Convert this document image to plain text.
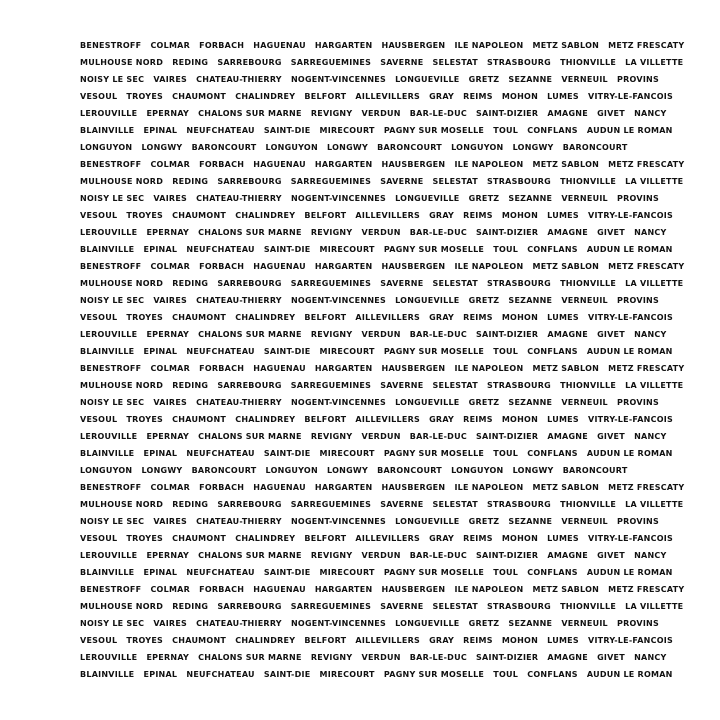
BENESTROFF   COLMAR   FORBACH   HAGUENAU   HARGARTEN   HAUSBERGEN   ILE NAPOLEON   METZ SABLON   METZ FRESCATY
MULHOUSE NORD   REDING   SARREBOURG   SARREGUEMINES   SAVERNE   SELESTAT   STRASBOURG   THIONVILLE   LA VILLETTE
NOISY LE SEC   VAIRES   CHATEAU-THIERRY   NOGENT-VINCENNES   LONGUEVILLE   GRETZ   SEZANNE   VERNEUIL   PROVINS
VESOUL   TROYES   CHAUMONT   CHALINDREY   BELFORT   AILLEVILLERS   GRAY   REIMS   MOHON   LUMES   VITRY-LE-FANCOIS
LEROUVILLE   EPERNAY   CHALONS SUR MARNE   REVIGNY   VERDUN   BAR-LE-DUC   SAINT-DIZIER   AMAGNE   GIVET   NANCY
BLAINVILLE   EPINAL   NEUFCHATEAU   SAINT-DIE   MIRECOURT   PAGNY SUR MOSELLE   TOUL   CONFLANS   AUDUN LE ROMAN
LONGUYON   LONGWY   BARONCOURT   LONGUYON   LONGWY   BARONCOURT   LONGUYON   LONGWY   BARONCOURT
BENESTROFF   COLMAR   FORBACH   HAGUENAU   HARGARTEN   HAUSBERGEN   ILE NAPOLEON   METZ SABLON   METZ FRESCATY
MULHOUSE NORD   REDING   SARREBOURG   SARREGUEMINES   SAVERNE   SELESTAT   STRASBOURG   THIONVILLE   LA VILLETTE
NOISY LE SEC   VAIRES   CHATEAU-THIERRY   NOGENT-VINCENNES   LONGUEVILLE   GRETZ   SEZANNE   VERNEUIL   PROVINS
VESOUL   TROYES   CHAUMONT   CHALINDREY   BELFORT   AILLEVILLERS   GRAY   REIMS   MOHON   LUMES   VITRY-LE-FANCOIS
LEROUVILLE   EPERNAY   CHALONS SUR MARNE   REVIGNY   VERDUN   BAR-LE-DUC   SAINT-DIZIER   AMAGNE   GIVET   NANCY
BLAINVILLE   EPINAL   NEUFCHATEAU   SAINT-DIE   MIRECOURT   PAGNY SUR MOSELLE   TOUL   CONFLANS   AUDUN LE ROMAN
BENESTROFF   COLMAR   FORBACH   HAGUENAU   HARGARTEN   HAUSBERGEN   ILE NAPOLEON   METZ SABLON   METZ FRESCATY
MULHOUSE NORD   REDING   SARREBOURG   SARREGUEMINES   SAVERNE   SELESTAT   STRASBOURG   THIONVILLE   LA VILLETTE
NOISY LE SEC   VAIRES   CHATEAU-THIERRY   NOGENT-VINCENNES   LONGUEVILLE   GRETZ   SEZANNE   VERNEUIL   PROVINS
VESOUL   TROYES   CHAUMONT   CHALINDREY   BELFORT   AILLEVILLERS   GRAY   REIMS   MOHON   LUMES   VITRY-LE-FANCOIS
LEROUVILLE   EPERNAY   CHALONS SUR MARNE   REVIGNY   VERDUN   BAR-LE-DUC   SAINT-DIZIER   AMAGNE   GIVET   NANCY
BLAINVILLE   EPINAL   NEUFCHATEAU   SAINT-DIE   MIRECOURT   PAGNY SUR MOSELLE   TOUL   CONFLANS   AUDUN LE ROMAN
BENESTROFF   COLMAR   FORBACH   HAGUENAU   HARGARTEN   HAUSBERGEN   ILE NAPOLEON   METZ SABLON   METZ FRESCATY
MULHOUSE NORD   REDING   SARREBOURG   SARREGUEMINES   SAVERNE   SELESTAT   STRASBOURG   THIONVILLE   LA VILLETTE
NOISY LE SEC   VAIRES   CHATEAU-THIERRY   NOGENT-VINCENNES   LONGUEVILLE   GRETZ   SEZANNE   VERNEUIL   PROVINS
VESOUL   TROYES   CHAUMONT   CHALINDREY   BELFORT   AILLEVILLERS   GRAY   REIMS   MOHON   LUMES   VITRY-LE-FANCOIS
LEROUVILLE   EPERNAY   CHALONS SUR MARNE   REVIGNY   VERDUN   BAR-LE-DUC   SAINT-DIZIER   AMAGNE   GIVET   NANCY
BLAINVILLE   EPINAL   NEUFCHATEAU   SAINT-DIE   MIRECOURT   PAGNY SUR MOSELLE   TOUL   CONFLANS   AUDUN LE ROMAN
LONGUYON   LONGWY   BARONCOURT   LONGUYON   LONGWY   BARONCOURT   LONGUYON   LONGWY   BARONCOURT
BENESTROFF   COLMAR   FORBACH   HAGUENAU   HARGARTEN   HAUSBERGEN   ILE NAPOLEON   METZ SABLON   METZ FRESCATY
MULHOUSE NORD   REDING   SARREBOURG   SARREGUEMINES   SAVERNE   SELESTAT   STRASBOURG   THIONVILLE   LA VILLETTE
NOISY LE SEC   VAIRES   CHATEAU-THIERRY   NOGENT-VINCENNES   LONGUEVILLE   GRETZ   SEZANNE   VERNEUIL   PROVINS
VESOUL   TROYES   CHAUMONT   CHALINDREY   BELFORT   AILLEVILLERS   GRAY   REIMS   MOHON   LUMES   VITRY-LE-FANCOIS
LEROUVILLE   EPERNAY   CHALONS SUR MARNE   REVIGNY   VERDUN   BAR-LE-DUC   SAINT-DIZIER   AMAGNE   GIVET   NANCY
BLAINVILLE   EPINAL   NEUFCHATEAU   SAINT-DIE   MIRECOURT   PAGNY SUR MOSELLE   TOUL   CONFLANS   AUDUN LE ROMAN
BENESTROFF   COLMAR   FORBACH   HAGUENAU   HARGARTEN   HAUSBERGEN   ILE NAPOLEON   METZ SABLON   METZ FRESCATY
MULHOUSE NORD   REDING   SARREBOURG   SARREGUEMINES   SAVERNE   SELESTAT   STRASBOURG   THIONVILLE   LA VILLETTE
NOISY LE SEC   VAIRES   CHATEAU-THIERRY   NOGENT-VINCENNES   LONGUEVILLE   GRETZ   SEZANNE   VERNEUIL   PROVINS
VESOUL   TROYES   CHAUMONT   CHALINDREY   BELFORT   AILLEVILLERS   GRAY   REIMS   MOHON   LUMES   VITRY-LE-FANCOIS
LEROUVILLE   EPERNAY   CHALONS SUR MARNE   REVIGNY   VERDUN   BAR-LE-DUC   SAINT-DIZIER   AMAGNE   GIVET   NANCY
BLAINVILLE   EPINAL   NEUFCHATEAU   SAINT-DIE   MIRECOURT   PAGNY SUR MOSELLE   TOUL   CONFLANS   AUDUN LE ROMAN
